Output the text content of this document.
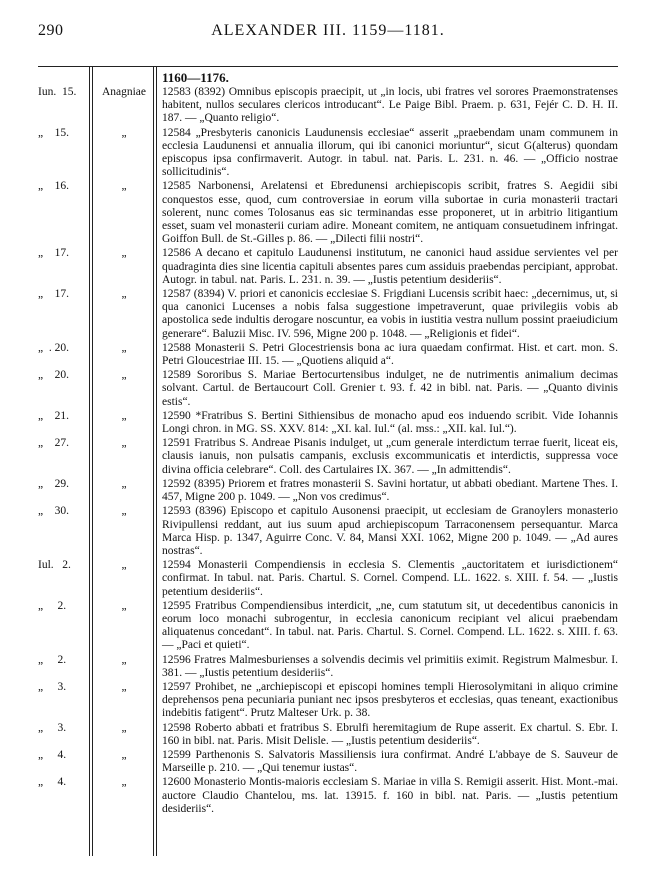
290	ALEXANDER III. 1159—1181.
1160—1176.
Iun.  15.	Anagniae	12583 (8392) Omnibus episcopis praecipit, ut „in locis, ubi fratres vel sorores Praemonstratenses habitent, nullos seculares clericos introducant“. Le Paige Bibl. Praem. p. 631, Fejér C. D. H. II. 187. — „Quanto religio“.
„    15.	„	12584 „Presbyteris canonicis Laudunensis ecclesiae“ asserit „praebendam unam communem in ecclesia Laudunensi et annualia illorum, qui ibi canonici moriuntur“, sicut G(alterus) quondam episcopus ipsa confirmaverit. Autogr. in tabul. nat. Paris. L. 231. n. 46. — „Officio nostrae sollicitudinis“.
„    16.	„	12585 Narbonensi, Arelatensi et Ebredunensi archiepiscopis scribit, fratres S. Aegidii sibi conquestos esse, quod, cum controversiae in eorum villa subortae in curia monasterii tractari solerent, nunc comes Tolosanus eas sic terminandas esse proponeret, ut in arbitrio litigantium esset, suam vel monasterii curiam adire. Moneant comitem, ne antiquam consuetudinem infringat. Goiffon Bull. de St.-Gilles p. 86. — „Dilecti filii nostri“.
„    17.	„	12586 A decano et capitulo Laudunensi institutum, ne canonici haud assidue servientes vel per quadraginta dies sine licentia capituli absentes pares cum assiduis praebendas percipiant, approbat. Autogr. in tabul. nat. Paris. L. 231. n. 39. — „Iustis petentium desideriis“.
„    17.	„	12587 (8394) V. priori et canonicis ecclesiae S. Frigdiani Lucensis scribit haec: „decernimus, ut, si qua canonici Lucenses a nobis falsa suggestione impetraverunt, quae privilegiis vobis ab apostolica sede indultis derogare noscuntur, ea vobis in iustitia vestra nullum possint praeiudicium generare“. Baluzii Misc. IV. 596, Migne 200 p. 1048. — „Religionis et fidei“.
„  . 20.	„	12588 Monasterii S. Petri Glocestriensis bona ac iura quaedam confirmat. Hist. et cart. mon. S. Petri Gloucestriae III. 15. — „Quotiens aliquid a“.
„    20.	„	12589 Sororibus S. Mariae Bertocurtensibus indulget, ne de nutrimentis animalium decimas solvant. Cartul. de Bertaucourt Coll. Grenier t. 93. f. 42 in bibl. nat. Paris. — „Quanto divinis estis“.
„    21.	„	12590 *Fratribus S. Bertini Sithiensibus de monacho apud eos induendo scribit. Vide Iohannis Longi chron. in MG. SS. XXV. 814: „XI. kal. Iul.“ (al. mss.: „XII. kal. Iul.“).
„    27.	„	12591 Fratribus S. Andreae Pisanis indulget, ut „cum generale interdictum terrae fuerit, liceat eis, clausis ianuis, non pulsatis campanis, exclusis excommunicatis et interdictis, suppressa voce divina officia celebrare“. Coll. des Cartulaires IX. 367. — „In admittendis“.
„    29.	„	12592 (8395) Priorem et fratres monasterii S. Savini hortatur, ut abbati obediant. Martene Thes. I. 457, Migne 200 p. 1049. — „Non vos credimus“.
„    30.	„	12593 (8396) Episcopo et capitulo Ausonensi praecipit, ut ecclesiam de Granoylers monasterio Rivipullensi reddant, aut ius suum apud archiepiscopum Tarraconensem persequantur. Marca Marca Hisp. p. 1347, Aguirre Conc. V. 84, Mansi XXI. 1062, Migne 200 p. 1049. — „Ad aures nostras“.
Iul.   2.	„	12594 Monasterii Compendiensis in ecclesia S. Clementis „auctoritatem et iurisdictionem“ confirmat. In tabul. nat. Paris. Chartul. S. Cornel. Compend. LL. 1622. s. XIII. f. 54. — „Iustis petentium desideriis“.
„     2.	„	12595 Fratribus Compendiensibus interdicit, „ne, cum statutum sit, ut decedentibus canonicis in eorum loco monachi subrogentur, in ecclesia canonicum recipiant vel alicui praebendam aliquatenus concedant“. In tabul. nat. Paris. Chartul. S. Cornel. Compend. LL. 1622. s. XIII. f. 63. — „Paci et quieti“.
„     2.	„	12596 Fratres Malmesburienses a solvendis decimis vel primitiis eximit. Registrum Malmesbur. I. 381. — „Iustis petentium desideriis“.
„     3.	„	12597 Prohibet, ne „archiepiscopi et episcopi homines templi Hierosolymitani in aliquo crimine deprehensos pena pecuniaria puniant nec ipsos presbyteros et ecclesias, quas teneant, exactionibus indebitis fatigent“. Prutz Malteser Urk. p. 38.
„     3.	„	12598 Roberto abbati et fratribus S. Ebrulfi heremitagium de Rupe asserit. Ex chartul. S. Ebr. I. 160 in bibl. nat. Paris. Misit Delisle. — „Iustis petentium desideriis“.
„     4.	„	12599 Parthenonis S. Salvatoris Massiliensis iura confirmat. André L'abbaye de S. Sauveur de Marseille p. 210. — „Qui tenemur iustas“.
„     4.	„	12600 Monasterio Montis-maioris ecclesiam S. Mariae in villa S. Remigii asserit. Hist. Mont.-mai. auctore Claudio Chantelou, ms. lat. 13915. f. 160 in bibl. nat. Paris. — „Iustis petentium desideriis“.
